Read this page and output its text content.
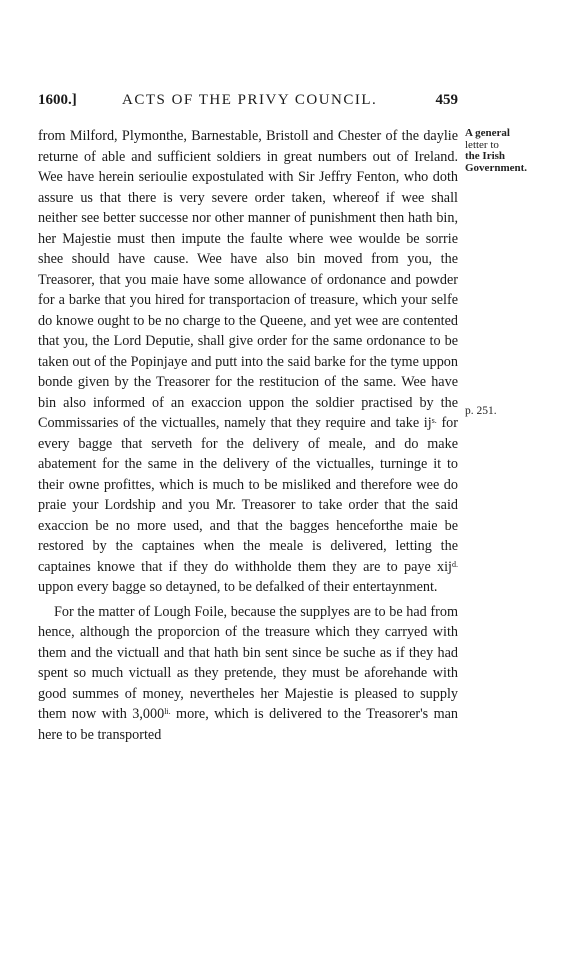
1600.]	ACTS OF THE PRIVY COUNCIL.	459
A general
letter to
the Irish
Government.
p. 251.

from Milford, Plymonthe, Barnestable, Bristoll and Chester of the daylie returne of able and sufficient soldiers in great numbers out of Ireland. Wee have herein serioulie expostulated with Sir Jeffry Fenton, who doth assure us that there is very severe order taken, whereof if wee shall neither see better successe nor other manner of punishment then hath bin, her Majestie must then impute the faulte where wee woulde be sorrie shee should have cause. Wee have also bin moved from you, the Treasorer, that you maie have some allowance of ordonance and powder for a barke that you hired for transportacion of treasure, which your selfe do knowe ought to be no charge to the Queene, and yet wee are contented that you, the Lord Deputie, shall give order for the same ordonance to be taken out of the Popinjaye and putt into the said barke for the tyme uppon bonde given by the Treasorer for the restitucion of the same. Wee have bin also informed of an exaccion uppon the soldier practised by the Commissaries of the victualles, namely that they require and take $ij^{s.}$ for every bagge that serveth for the delivery of meale, and do make abatement for the same in the delivery of the victualles, turninge it to their owne profittes, which is much to be misliked and therefore wee do praie your Lordship and you Mr. Treasorer to take order that the said exaccion be no more used, and that the bagges henceforthe maie be restored by the captaines when the meale is delivered, letting the captaines knowe that if they do withholde them they are to paye xij$^{d.}$ uppon every bagge so detayned, to be defalked of their entertaynment.

For the matter of Lough Foile, because the supplyes are to be had from hence, although the proporcion of the treasure which they carryed with them and the victuall and that hath bin sent since be suche as if they had spent so much victuall as they pretende, they must be aforehande with good summes of money, nevertheles her Majestie is pleased to supply them now with $3,000^{li.}$ more, which is delivered to the Treasorer's man here to be transported
